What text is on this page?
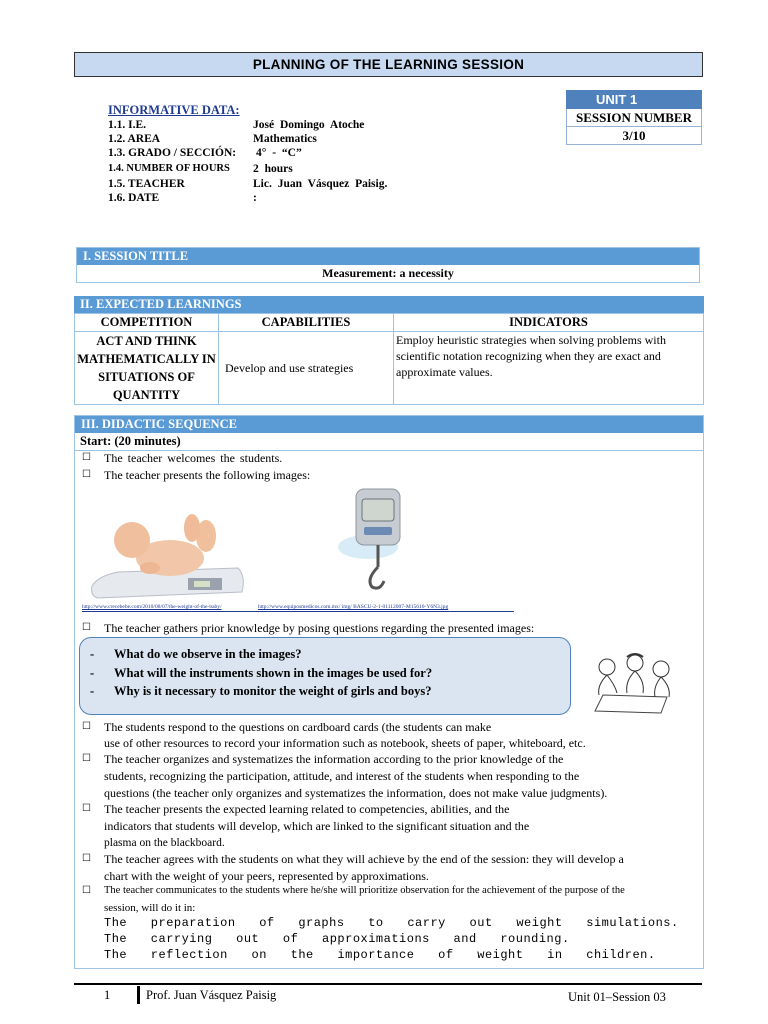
PLANNING OF THE LEARNING SESSION
UNIT 1
SESSION NUMBER
3/10
INFORMATIVE DATA:
1.1. I.E.	José Domingo Atoche
1.2. AREA	Mathematics
1.3. GRADO / SECCIÓN: 4° - “C”
1.4. NUMBER OF HOURS 2 hours
1.5. TEACHER	Lic. Juan Vásquez Paisig.
1.6. DATE	:
I. SESSION TITLE
Measurement: a necessity
II. EXPECTED LEARNINGS
COMPETITION	CAPABILITIES	INDICATORS
ACT AND THINK MATHEMATICALLY IN SITUATIONS OF QUANTITY	Develop and use strategies	Employ heuristic strategies when solving problems with scientific notation recognizing when they are exact and approximate values.
III. DIDACTIC SEQUENCE
Start: (20 minutes)
☐ The teacher welcomes the students.
☐ The teacher presents the following images:
http://www.crecebebe.com/2010/08/07/the-weight-of-the-baby/	http://www.equiposmedicos.com.mx/ img/ BASCU-2-1-01112007-M15610-Y6N3.jpg
☐ The teacher gathers prior knowledge by posing questions regarding the presented images:
- What do we observe in the images?
- What will the instruments shown in the images be used for?
- Why is it necessary to monitor the weight of girls and boys?
☐ The students respond to the questions on cardboard cards (the students can make
use of other resources to record your information such as notebook, sheets of paper, whiteboard, etc.
☐ The teacher organizes and systematizes the information according to the prior knowledge of the
students, recognizing the participation, attitude, and interest of the students when responding to the
questions (the teacher only organizes and systematizes the information, does not make value judgments).
☐ The teacher presents the expected learning related to competencies, abilities, and the
indicators that students will develop, which are linked to the significant situation and the
plasma on the blackboard.
☐ The teacher agrees with the students on what they will achieve by the end of the session: they will develop a
chart with the weight of your peers, represented by approximations.
☐ The teacher communicates to the students where he/she will prioritize observation for the achievement of the purpose of the
session, will do it in:
The preparation of graphs to carry out weight simulations.
The carrying out of approximations and rounding.
The reflection on the importance of weight in children.
1	Prof. Juan Vásquez Paisig	Unit 01–Session 03
